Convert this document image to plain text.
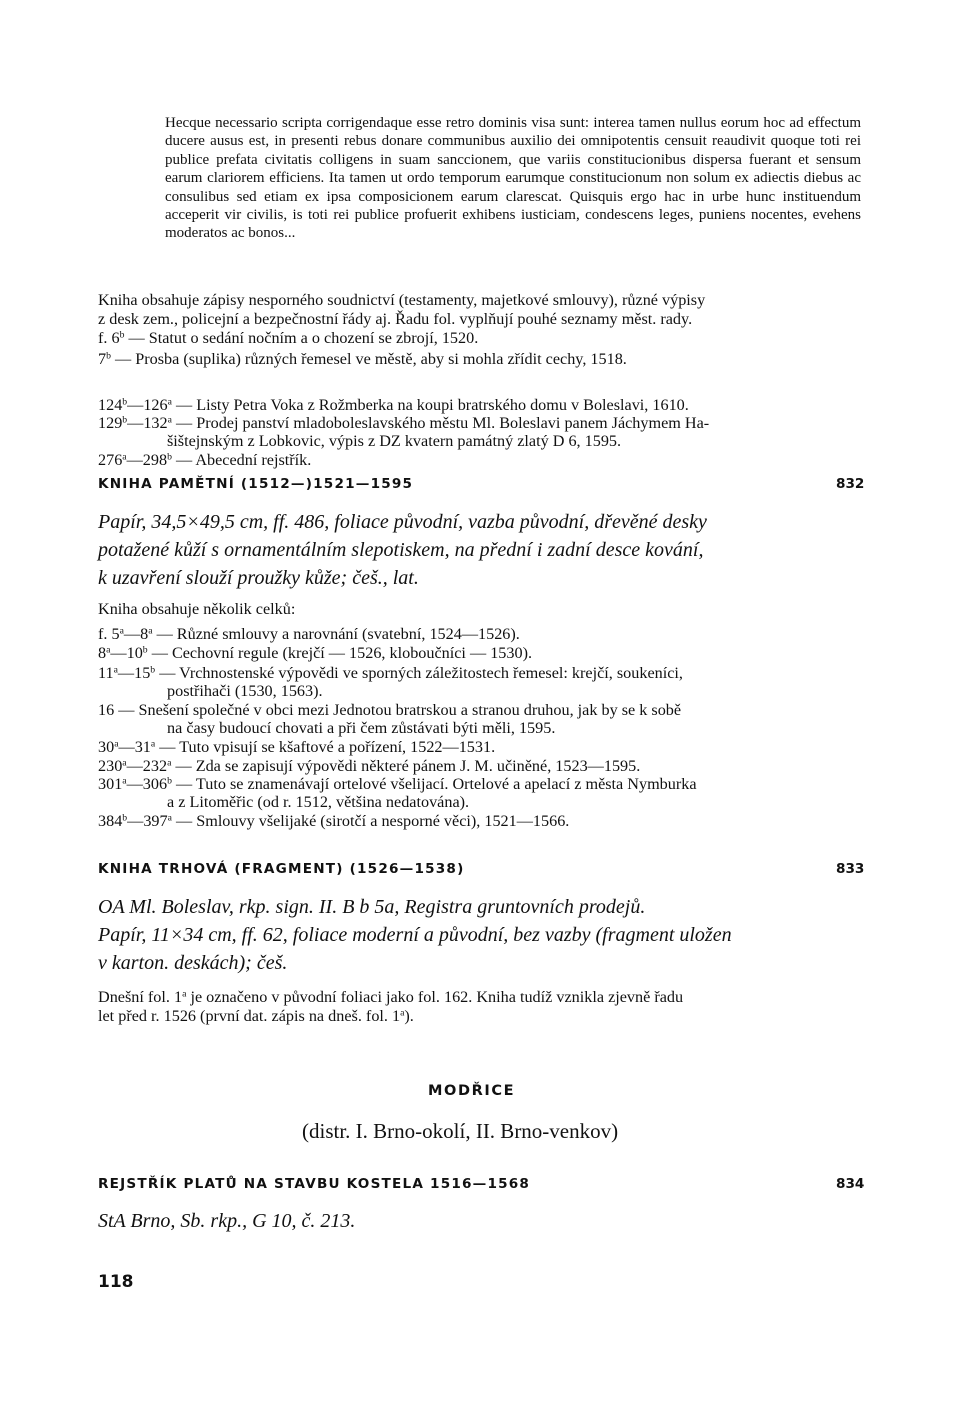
Hecque necessario scripta corrigendaque esse retro dominis visa sunt: interea tamen nullus eorum hoc ad effectum ducere ausus est, in presenti rebus donare communibus auxilio dei omnipotentis censuit reaudivit quoque toti rei publice prefata civitatis colligens in suam sanccionem, que variis constitucionibus dispersa fuerant et sensum earum clariorem efficiens. Ita tamen ut ordo temporum earumque constitucionum non solum ex adiectis diebus ac consulibus sed etiam ex ipsa composicionem earum clarescat. Quisquis ergo hac in urbe hunc instituendum acceperit vir civilis, is toti rei publice profuerit exhibens iusticiam, condescens leges, puniens nocentes, evehens moderatos ac bonos...
Kniha obsahuje zápisy nesporného soudnictví (testamenty, majetkové smlouvy), různé výpisy
z desk zem., policejní a bezpečnostní řády aj. Řadu fol. vyplňují pouhé seznamy měst. rady.
f. 6$^b$ — Statut o sedání nočním a o chození se zbrojí, 1520.
7$^b$ — Prosba (suplika) různých řemesel ve městě, aby si mohla zřídit cechy, 1518.
124$^b$—126$^a$ — Listy Petra Voka z Rožmberka na koupi bratrského domu v Boleslavi, 1610.
129$^b$—132$^a$ — Prodej panství mladoboleslavského městu Ml. Boleslavi panem Jáchymem Ha-
šištejnským z Lobkovic, výpis z DZ kvatern památný zlatý D 6, 1595.
276$^a$—298$^b$ — Abecední rejstřík.
KNIHA PAMĚTNÍ (1512—)1521—1595	832
Papír, 34,5×49,5 cm, ff. 486, foliace původní, vazba původní, dřevěné desky
potažené kůží s ornamentálním slepotiskem, na přední i zadní desce kování,
k uzavření slouží proužky kůže; češ., lat.
Kniha obsahuje několik celků:
f. 5$^a$—8$^a$ — Různé smlouvy a narovnání (svatební, 1524—1526).
8$^a$—10$^b$ — Cechovní regule (krejčí — 1526, kloboučníci — 1530).
11$^a$—15$^b$ — Vrchnostenské výpovědi ve sporných záležitostech řemesel: krejčí, soukeníci,
postřihači (1530, 1563).
16 — Snešení společné v obci mezi Jednotou bratrskou a stranou druhou, jak by se k sobě
na časy budoucí chovati a při čem zůstávati býti měli, 1595.
30$^a$—31$^a$ — Tuto vpisují se kšaftové a pořízení, 1522—1531.
230$^a$—232$^a$ — Zda se zapisují výpovědi některé pánem J. M. učiněné, 1523—1595.
301$^a$—306$^b$ — Tuto se znamenávají ortelové všelijací. Ortelové a apelací z města Nymburka
a z Litoměřic (od r. 1512, většina nedatována).
384$^b$—397$^a$ — Smlouvy všelijaké (sirotčí a nesporné věci), 1521—1566.
KNIHA TRHOVÁ (FRAGMENT) (1526—1538)	833
OA Ml. Boleslav, rkp. sign. II. B b 5a, Registra gruntovních prodejů.
Papír, 11×34 cm, ff. 62, foliace moderní a původní, bez vazby (fragment uložen
v karton. deskách); češ.
Dnešní fol. 1$^a$ je označeno v původní foliaci jako fol. 162. Kniha tudíž vznikla zjevně řadu
let před r. 1526 (první dat. zápis na dneš. fol. 1$^a$).
MODŘICE
(distr. I. Brno-okolí, II. Brno-venkov)
REJSTŘÍK PLATŮ NA STAVBU KOSTELA 1516—1568	834
StA Brno, Sb. rkp., G 10, č. 213.
118
